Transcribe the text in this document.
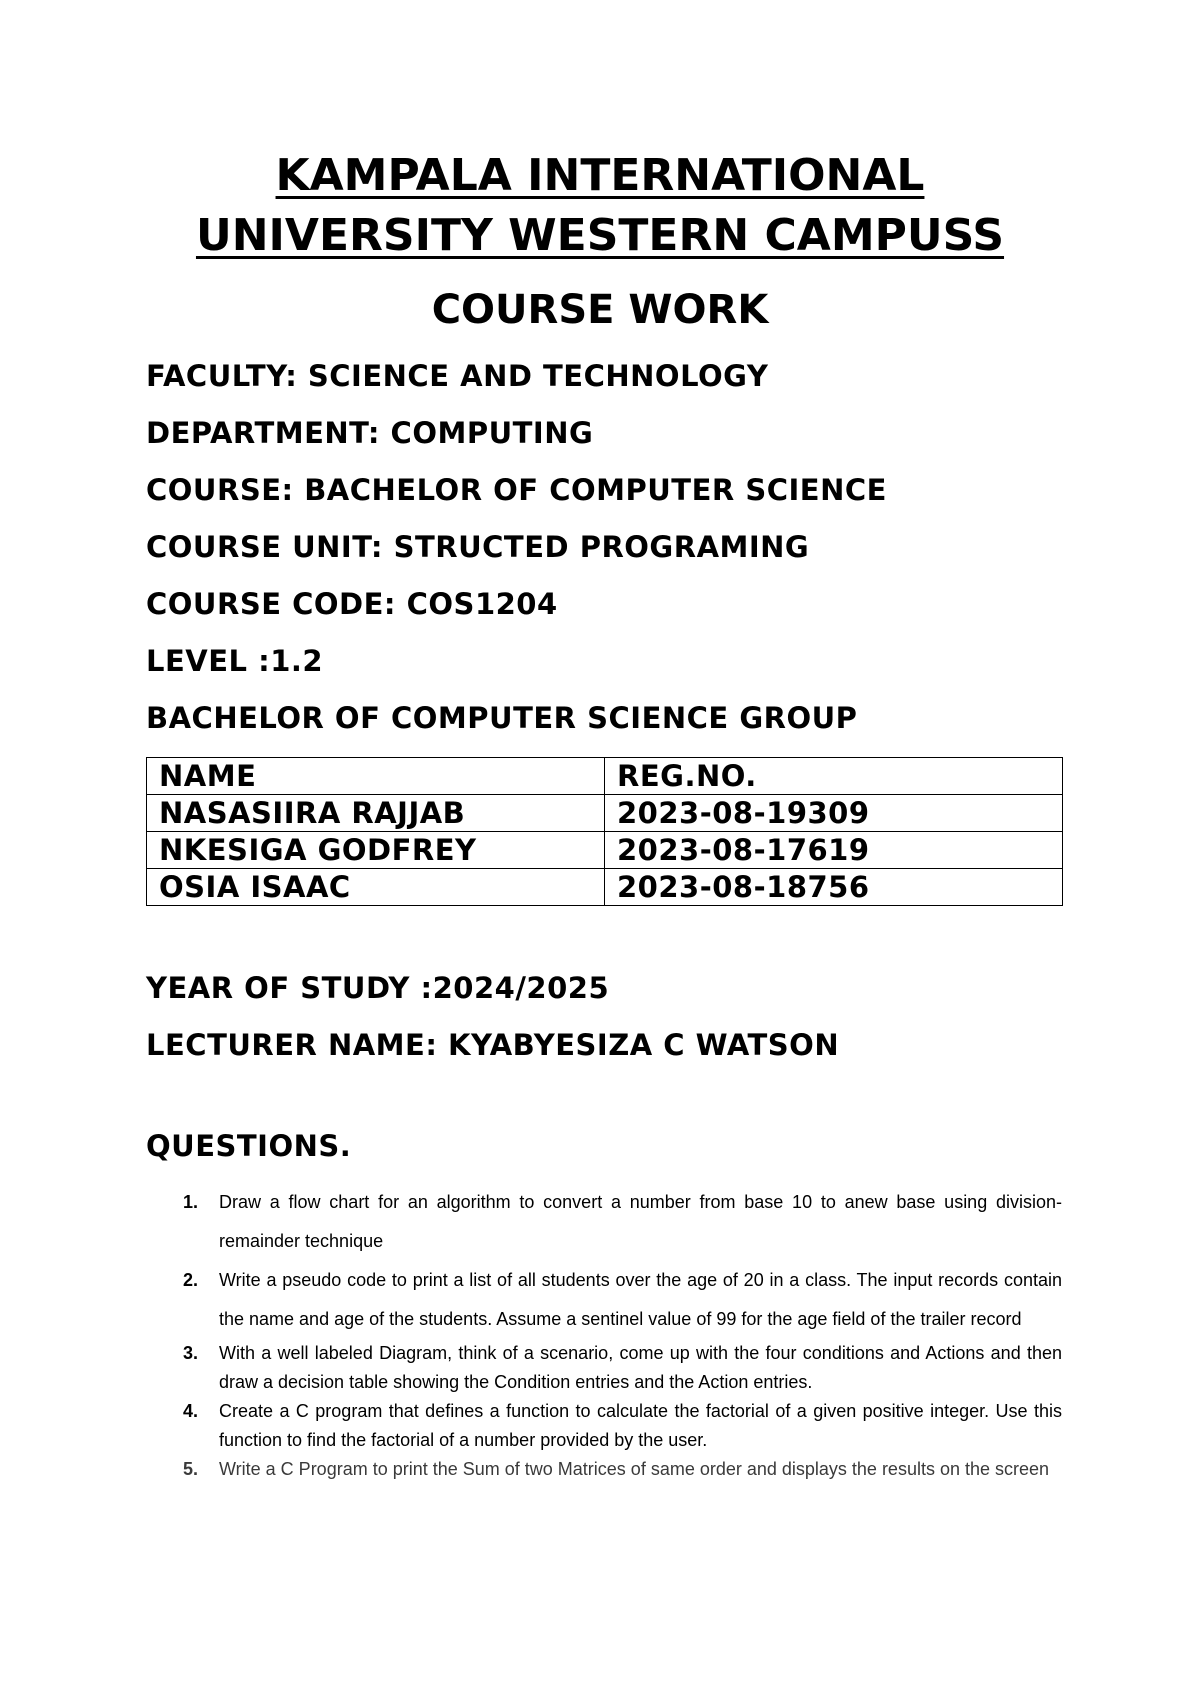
KAMPALA INTERNATIONAL
UNIVERSITY WESTERN CAMPUSS
COURSE WORK
FACULTY: SCIENCE AND TECHNOLOGY
DEPARTMENT: COMPUTING
COURSE: BACHELOR OF COMPUTER SCIENCE
COURSE UNIT: STRUCTED PROGRAMING
COURSE CODE: COS1204
LEVEL :1.2
BACHELOR OF COMPUTER SCIENCE GROUP
NAME	REG.NO.
NASASIIRA RAJJAB	2023-08-19309
NKESIGA GODFREY	2023-08-17619
OSIA ISAAC	2023-08-18756
YEAR OF STUDY :2024/2025
LECTURER NAME: KYABYESIZA C WATSON
QUESTIONS.
1. Draw a flow chart for an algorithm to convert a number from base 10 to anew base using division-remainder technique
2. Write a pseudo code to print a list of all students over the age of 20 in a class. The input records contain the name and age of the students. Assume a sentinel value of 99 for the age field of the trailer record
3. With a well labeled Diagram, think of a scenario, come up with the four conditions and Actions and then draw a decision table showing the Condition entries and the Action entries.
4. Create a C program that defines a function to calculate the factorial of a given positive integer. Use this function to find the factorial of a number provided by the user.
5. Write a C Program to print the Sum of two Matrices of same order and displays the results on the screen
